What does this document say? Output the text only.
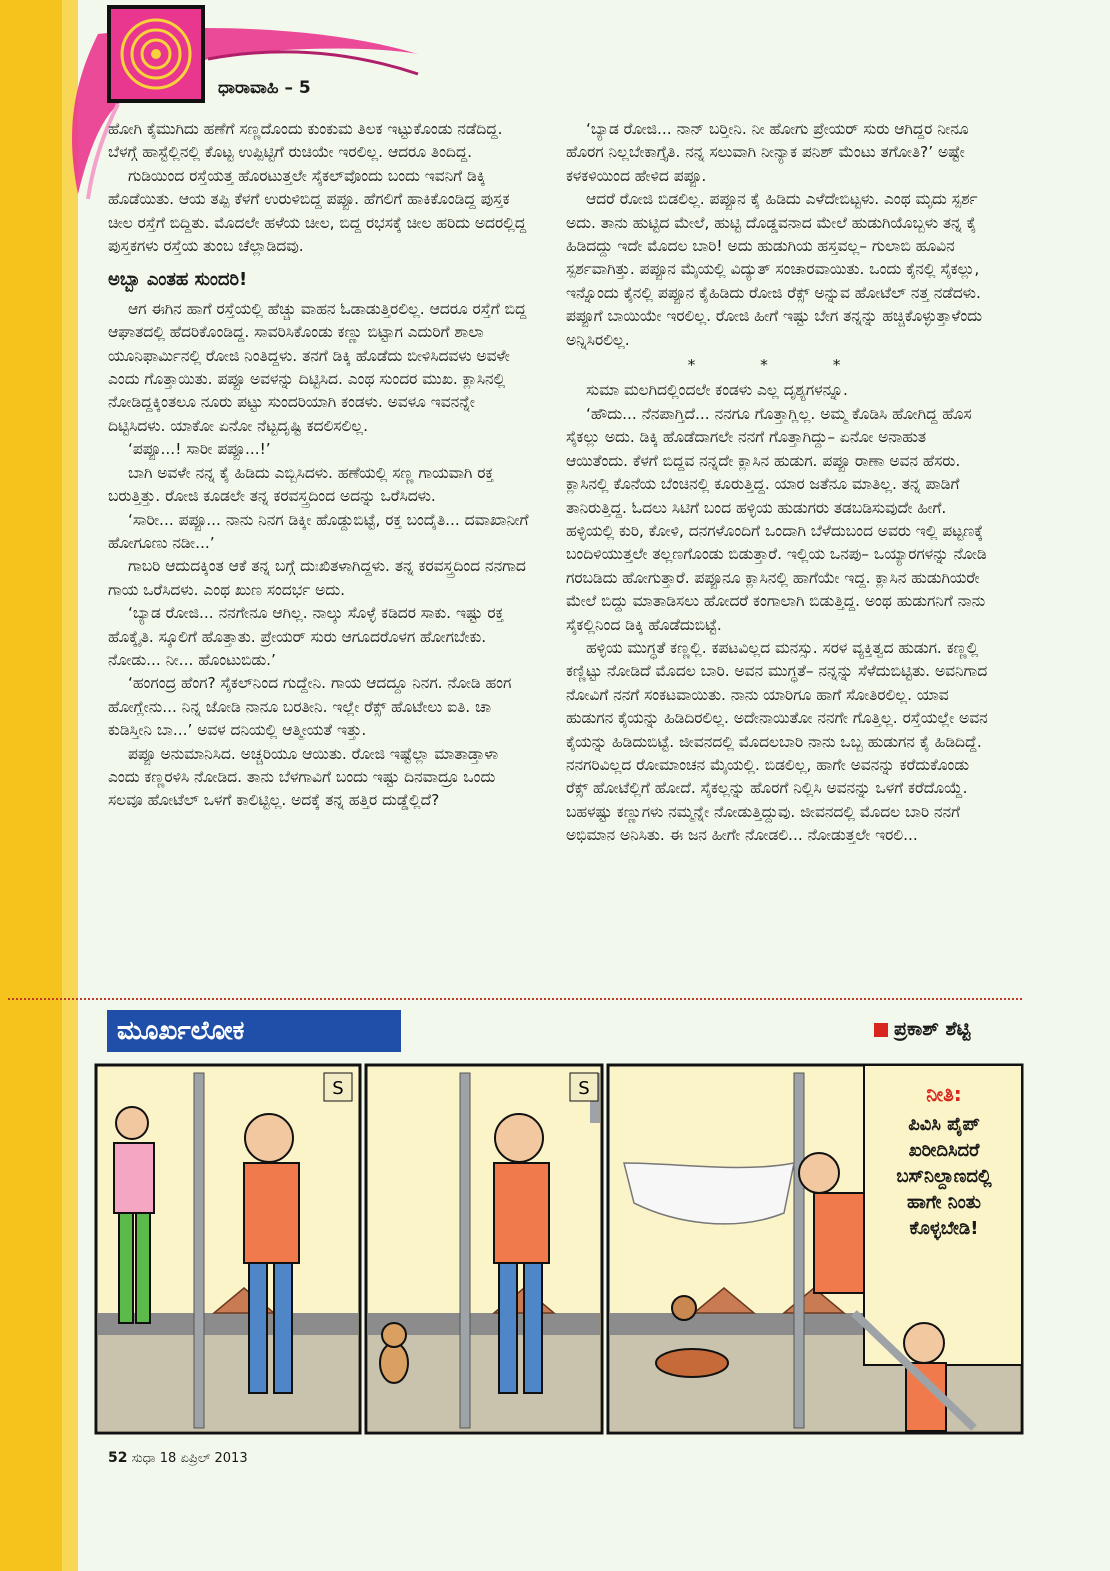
ಧಾರಾವಾಹಿ – 5

ಹೋಗಿ ಕೈಮುಗಿದು ಹಣೆಗೆ ಸಣ್ಣದೊಂದು ಕುಂಕುಮ ತಿಲಕ ಇಟ್ಟುಕೊಂಡು ನಡೆದಿದ್ದ. ಬೆಳಗ್ಗೆ ಹಾಸ್ಟೆಲ್ಲಿನಲ್ಲಿ ಕೊಟ್ಟ ಉಪ್ಪಿಟ್ಟಿಗೆ ರುಚಿಯೇ ಇರಲಿಲ್ಲ. ಆದರೂ ತಿಂದಿದ್ದ.

ಗುಡಿಯಿಂದ ರಸ್ತೆಯತ್ತ ಹೊರಟುತ್ತಲೇ ಸೈಕಲ್‌ವೊಂದು ಬಂದು ಇವನಿಗೆ ಡಿಕ್ಕಿ ಹೊಡೆಯಿತು. ಆಯ ತಪ್ಪಿ ಕೆಳಗೆ ಉರುಳಿಬಿದ್ದ ಪಪ್ಪೂ. ಹೆಗಲಿಗೆ ಹಾಕಿಕೊಂಡಿದ್ದ ಪುಸ್ತಕ ಚೀಲ ರಸ್ತೆಗೆ ಬಿದ್ದಿತು. ಮೊದಲೇ ಹಳೆಯ ಚೀಲ, ಬಿದ್ದ ರಭಸಕ್ಕೆ ಚೀಲ ಹರಿದು ಅದರಲ್ಲಿದ್ದ ಪುಸ್ತಕಗಳು ರಸ್ತೆಯ ತುಂಬ ಚೆಲ್ಲಾಡಿದವು.

ಅಬ್ಬಾ ಎಂತಹ ಸುಂದರಿ!

ಆಗ ಈಗಿನ ಹಾಗೆ ರಸ್ತೆಯಲ್ಲಿ ಹೆಚ್ಚು ವಾಹನ ಓಡಾಡುತ್ತಿರಲಿಲ್ಲ. ಆದರೂ ರಸ್ತೆಗೆ ಬಿದ್ದ ಆಘಾತದಲ್ಲಿ ಹೆದರಿಕೊಂಡಿದ್ದ. ಸಾವರಿಸಿಕೊಂಡು ಕಣ್ಣು ಬಿಟ್ಟಾಗ ಎದುರಿಗೆ ಶಾಲಾ ಯೂನಿಫಾರ್ಮಿನಲ್ಲಿ ರೋಜಿ ನಿಂತಿದ್ದಳು. ತನಗೆ ಡಿಕ್ಕಿ ಹೊಡೆದು ಬೀಳಿಸಿದವಳು ಅವಳೇ ಎಂದು ಗೊತ್ತಾಯಿತು. ಪಪ್ಪೂ ಅವಳನ್ನು ದಿಟ್ಟಿಸಿದ. ಎಂಥ ಸುಂದರ ಮುಖ. ಕ್ಲಾಸಿನಲ್ಲಿ ನೋಡಿದ್ದಕ್ಕಿಂತಲೂ ನೂರು ಪಟ್ಟು ಸುಂದರಿಯಾಗಿ ಕಂಡಳು. ಅವಳೂ ಇವನನ್ನೇ ದಿಟ್ಟಿಸಿದಳು. ಯಾಕೋ ಏನೋ ನೆಟ್ಟದೃಷ್ಟಿ ಕದಲಿಸಲಿಲ್ಲ.

‘ಪಪ್ಪೂ...! ಸಾರೀ ಪಪ್ಪೂ...!’

ಬಾಗಿ ಅವಳೇ ನನ್ನ ಕೈ ಹಿಡಿದು ಎಬ್ಬಿಸಿದಳು. ಹಣೆಯಲ್ಲಿ ಸಣ್ಣ ಗಾಯವಾಗಿ ರಕ್ತ ಬರುತ್ತಿತ್ತು. ರೋಜಿ ಕೂಡಲೇ ತನ್ನ ಕರವಸ್ತ್ರದಿಂದ ಅದನ್ನು ಒರೆಸಿದಳು.

‘ಸಾರೀ... ಪಪ್ಪೂ... ನಾನು ನಿನಗ ಡಿಕ್ಕೀ ಹೊಡ್ದುಬಿಟ್ಟೆ, ರಕ್ತ ಬಂದೈತಿ... ದವಾಖಾನೀಗೆ ಹೋಗೂಣು ನಡೀ...’

ಗಾಬರಿ ಆದುದಕ್ಕಿಂತ ಆಕೆ ತನ್ನ ಬಗ್ಗೆ ದುಃಖಿತಳಾಗಿದ್ದಳು. ತನ್ನ ಕರವಸ್ತ್ರದಿಂದ ನನಗಾದ ಗಾಯ ಒರೆಸಿದಳು. ಎಂಥ ಖುಣ ಸಂದರ್ಭ ಅದು.

‘ಬ್ಯಾಡ ರೋಜಿ... ನನಗೇನೂ ಆಗಿಲ್ಲ. ನಾಲ್ಕು ಸೊಳ್ಳೆ ಕಡಿದರ ಸಾಕು. ಇಷ್ಟು ರಕ್ತ ಹೊಕ್ಕೈತಿ. ಸ್ಕೂಲಿಗೆ ಹೊತ್ತಾತು. ಪ್ರೇಯರ್ ಸುರು ಆಗೂದರೊಳಗ ಹೋಗಬೇಕು. ನೋಡು... ನೀ... ಹೊಂಟುಬಿಡು.’

‘ಹಂಗಂದ್ರ ಹೆಂಗ? ಸೈಕಲ್‌ನಿಂದ ಗುದ್ದೇನಿ. ಗಾಯ ಆದದ್ದೂ ನಿನಗ. ನೋಡಿ ಹಂಗ ಹೋಗ್ಲೇನು... ನಿನ್ನ ಜೋಡಿ ನಾನೂ ಬರತೀನಿ. ಇಲ್ಲೇ ರೆಕ್ಸ್ ಹೊಟೇಲು ಐತಿ. ಚಾ ಕುಡಿಸ್ತೀನಿ ಬಾ...’ ಅವಳ ದನಿಯಲ್ಲಿ ಆತ್ಮೀಯತೆ ಇತ್ತು.

ಪಪ್ಪೂ ಅನುಮಾನಿಸಿದ. ಅಚ್ಚರಿಯೂ ಆಯಿತು. ರೋಜಿ ಇಷ್ಟೆಲ್ಲಾ ಮಾತಾಡ್ತಾಳಾ ಎಂದು ಕಣ್ಣರಳಿಸಿ ನೋಡಿದ. ತಾನು ಬೆಳಗಾವಿಗೆ ಬಂದು ಇಷ್ಟು ದಿನವಾದ್ರೂ ಒಂದು ಸಲವೂ ಹೋಟೆಲ್ ಒಳಗೆ ಕಾಲಿಟ್ಟಿಲ್ಲ. ಅದಕ್ಕೆ ತನ್ನ ಹತ್ತಿರ ದುಡ್ಡೆಲ್ಲಿದೆ?

‘ಬ್ಯಾಡ ರೋಜಿ... ನಾನ್ ಬರ್‍ತೀನಿ. ನೀ ಹೋಗು ಪ್ರೇಯರ್ ಸುರು ಆಗಿದ್ದರ ನೀನೂ ಹೊರಗ ನಿಲ್ಲಬೇಕಾಗ್ತೈತಿ. ನನ್ನ ಸಲುವಾಗಿ ನೀನ್ಯಾಕ ಪನಿಶ್ ಮೆಂಟು ತಗೋತಿ?’ ಅಷ್ಟೇ ಕಳಕಳಿಯಿಂದ ಹೇಳಿದ ಪಪ್ಪೂ.

ಆದರೆ ರೋಜಿ ಬಿಡಲಿಲ್ಲ. ಪಪ್ಪೂನ ಕೈ ಹಿಡಿದು ಎಳೆದೇಬಿಟ್ಟಳು. ಎಂಥ ಮೃದು ಸ್ಪರ್ಶ ಅದು. ತಾನು ಹುಟ್ಟಿದ ಮೇಲೆ, ಹುಟ್ಟಿ ದೊಡ್ಡವನಾದ ಮೇಲೆ ಹುಡುಗಿಯೊಬ್ಬಳು ತನ್ನ ಕೈ ಹಿಡಿದದ್ದು ಇದೇ ಮೊದಲ ಬಾರಿ! ಅದು ಹುಡುಗಿಯ ಹಸ್ತವಲ್ಲ– ಗುಲಾಬಿ ಹೂವಿನ ಸ್ಪರ್ಶವಾಗಿತ್ತು. ಪಪ್ಪೂನ ಮೈಯಲ್ಲಿ ವಿದ್ಯುತ್ ಸಂಚಾರವಾಯಿತು. ಒಂದು ಕೈನಲ್ಲಿ ಸೈಕಲ್ಲು, ಇನ್ನೊಂದು ಕೈನಲ್ಲಿ ಪಪ್ಪೂನ ಕೈಹಿಡಿದು ರೋಜಿ ರೆಕ್ಸ್ ಅನ್ನುವ ಹೋಟೆಲ್ ನತ್ತ ನಡೆದಳು. ಪಪ್ಪೂಗೆ ಬಾಯಿಯೇ ಇರಲಿಲ್ಲ. ರೋಜಿ ಹೀಗೆ ಇಷ್ಟು ಬೇಗ ತನ್ನನ್ನು ಹಚ್ಚಿಕೊಳ್ಳುತ್ತಾಳೆಂದು ಅನ್ನಿಸಿರಲಿಲ್ಲ.

* * *

ಸುಮಾ ಮಲಗಿದಲ್ಲಿಂದಲೇ ಕಂಡಳು ಎಲ್ಲ ದೃಶ್ಯಗಳನ್ನೂ.

‘ಹೌದು... ನೆನಪಾಗ್ತಿದೆ... ನನಗೂ ಗೊತ್ತಾಗ್ಲಿಲ್ಲ. ಅಮ್ಮ ಕೊಡಿಸಿ ಹೋಗಿದ್ದ ಹೊಸ ಸೈಕಲ್ಲು ಅದು. ಡಿಕ್ಕಿ ಹೊಡೆದಾಗಲೇ ನನಗೆ ಗೊತ್ತಾಗಿದ್ದು– ಏನೋ ಅನಾಹುತ ಆಯಿತೆಂದು. ಕೆಳಗೆ ಬಿದ್ದವ ನನ್ನದೇ ಕ್ಲಾಸಿನ ಹುಡುಗ. ಪಪ್ಪೂ ರಾಣಾ ಅವನ ಹೆಸರು. ಕ್ಲಾಸಿನಲ್ಲಿ ಕೊನೆಯ ಬೆಂಚಿನಲ್ಲಿ ಕೂರುತ್ತಿದ್ದ. ಯಾರ ಜತೆನೂ ಮಾತಿಲ್ಲ. ತನ್ನ ಪಾಡಿಗೆ ತಾನಿರುತ್ತಿದ್ದ. ಓದಲು ಸಿಟಿಗೆ ಬಂದ ಹಳ್ಳಿಯ ಹುಡುಗರು ತಡಬಡಿಸುವುದೇ ಹೀಗೆ. ಹಳ್ಳಿಯಲ್ಲಿ ಕುರಿ, ಕೋಳಿ, ದನಗಳೊಂದಿಗೆ ಒಂದಾಗಿ ಬೆಳೆದುಬಂದ ಅವರು ಇಲ್ಲಿ ಪಟ್ಟಣಕ್ಕೆ ಬಂದಿಳಿಯುತ್ತಲೇ ತಲ್ಲಣಗೊಂಡು ಬಿಡುತ್ತಾರೆ. ಇಲ್ಲಿಯ ಒನಪು– ಒಯ್ಯಾರಗಳನ್ನು ನೋಡಿ ಗರಬಡಿದು ಹೋಗುತ್ತಾರೆ. ಪಪ್ಪೂನೂ ಕ್ಲಾಸಿನಲ್ಲಿ ಹಾಗೆಯೇ ಇದ್ದ. ಕ್ಲಾಸಿನ ಹುಡುಗಿಯರೇ ಮೇಲೆ ಬಿದ್ದು ಮಾತಾಡಿಸಲು ಹೋದರೆ ಕಂಗಾಲಾಗಿ ಬಿಡುತ್ತಿದ್ದ. ಅಂಥ ಹುಡುಗನಿಗೆ ನಾನು ಸೈಕಲ್ಲಿನಿಂದ ಡಿಕ್ಕಿ ಹೊಡೆದುಬಿಟ್ಟೆ.

ಹಳ್ಳಿಯ ಮುಗ್ಧತೆ ಕಣ್ಣಲ್ಲಿ. ಕಪಟವಿಲ್ಲದ ಮನಸ್ಸು. ಸರಳ ವ್ಯಕ್ತಿತ್ವದ ಹುಡುಗ. ಕಣ್ಣಲ್ಲಿ ಕಣ್ಣಿಟ್ಟು ನೋಡಿದೆ ಮೊದಲ ಬಾರಿ. ಅವನ ಮುಗ್ಧತೆ– ನನ್ನನ್ನು ಸೆಳೆದುಬಿಟ್ಟಿತು. ಅವನಿಗಾದ ನೋವಿಗೆ ನನಗೆ ಸಂಕಟವಾಯಿತು. ನಾನು ಯಾರಿಗೂ ಹಾಗೆ ಸೋತಿರಲಿಲ್ಲ. ಯಾವ ಹುಡುಗನ ಕೈಯನ್ನು ಹಿಡಿದಿರಲಿಲ್ಲ. ಅದೇನಾಯಿತೋ ನನಗೇ ಗೊತ್ತಿಲ್ಲ. ರಸ್ತೆಯಲ್ಲೇ ಅವನ ಕೈಯನ್ನು ಹಿಡಿದುಬಿಟ್ಟೆ. ಜೀವನದಲ್ಲಿ ಮೊದಲಬಾರಿ ನಾನು ಒಬ್ಬ ಹುಡುಗನ ಕೈ ಹಿಡಿದಿದ್ದೆ. ನನಗರಿವಿಲ್ಲದ ರೋಮಾಂಚನ ಮೈಯಲ್ಲಿ. ಬಿಡಲಿಲ್ಲ, ಹಾಗೇ ಅವನನ್ನು ಕರೆದುಕೊಂಡು ರೆಕ್ಸ್ ಹೋಟೆಲ್ಲಿಗೆ ಹೋದೆ. ಸೈಕಲ್ಲನ್ನು ಹೊರಗೆ ನಿಲ್ಲಿಸಿ ಅವನನ್ನು ಒಳಗೆ ಕರೆದೊಯ್ದೆ. ಬಹಳಷ್ಟು ಕಣ್ಣುಗಳು ನಮ್ಮನ್ನೇ ನೋಡುತ್ತಿದ್ದುವು. ಜೀವನದಲ್ಲಿ ಮೊದಲ ಬಾರಿ ನನಗೆ ಅಭಿಮಾನ ಅನಿಸಿತು. ಈ ಜನ ಹೀಗೇ ನೋಡಲಿ... ನೋಡುತ್ತಲೇ ಇರಲಿ...

ಮೂರ್ಖಲೋಕ	ಪ್ರಕಾಶ್ ಶೆಟ್ಟಿ
S	S	ನೀತಿ:
ಪಿವಿಸಿ ಪೈಪ್ ಖರೀದಿಸಿದರೆ ಬಸ್‌ನಿಲ್ದಾಣದಲ್ಲಿ ಹಾಗೇ ನಿಂತು ಕೊಳ್ಳಬೇಡಿ!
52 ಸುಧಾ 18 ಏಪ್ರಿಲ್ 2013
